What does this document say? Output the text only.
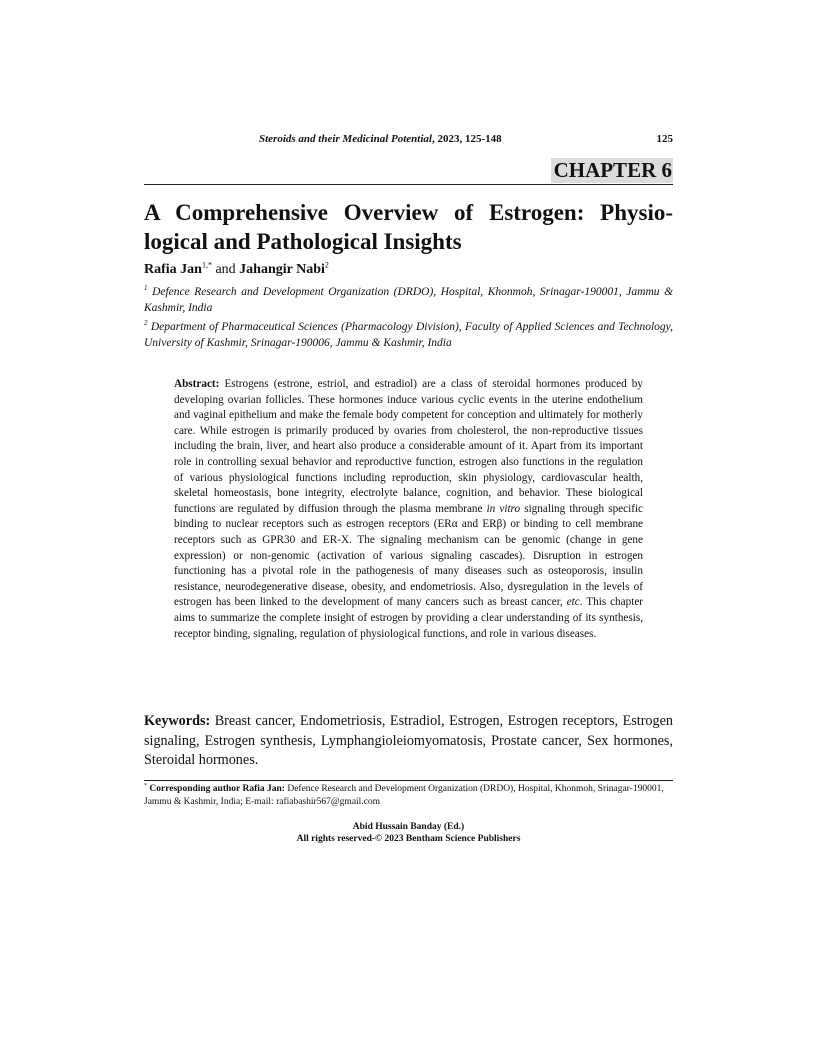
Steroids and their Medicinal Potential, 2023, 125-148	125
CHAPTER 6
A Comprehensive Overview of Estrogen: Physio-logical and Pathological Insights
Rafia Jan$^{1,*}$ and Jahangir Nabi$^2$
$^1$ Defence Research and Development Organization (DRDO), Hospital, Khonmoh, Srinagar-190001, Jammu & Kashmir, India
$^2$ Department of Pharmaceutical Sciences (Pharmacology Division), Faculty of Applied Sciences and Technology, University of Kashmir, Srinagar-190006, Jammu & Kashmir, India
Abstract: Estrogens (estrone, estriol, and estradiol) are a class of steroidal hormones produced by developing ovarian follicles. These hormones induce various cyclic events in the uterine endothelium and vaginal epithelium and make the female body competent for conception and ultimately for motherly care. While estrogen is primarily produced by ovaries from cholesterol, the non-reproductive tissues including the brain, liver, and heart also produce a considerable amount of it. Apart from its important role in controlling sexual behavior and reproductive function, estrogen also functions in the regulation of various physiological functions including reproduction, skin physiology, cardiovascular health, skeletal homeostasis, bone integrity, electrolyte balance, cognition, and behavior. These biological functions are regulated by diffusion through the plasma membrane in vitro signaling through specific binding to nuclear receptors such as estrogen receptors (ERα and ERβ) or binding to cell membrane receptors such as GPR30 and ER-X. The signaling mechanism can be genomic (change in gene expression) or non-genomic (activation of various signaling cascades). Disruption in estrogen functioning has a pivotal role in the pathogenesis of many diseases such as osteoporosis, insulin resistance, neurodegenerative disease, obesity, and endometriosis. Also, dysregulation in the levels of estrogen has been linked to the development of many cancers such as breast cancer, etc. This chapter aims to summarize the complete insight of estrogen by providing a clear understanding of its synthesis, receptor binding, signaling, regulation of physiological functions, and role in various diseases.
Keywords: Breast cancer, Endometriosis, Estradiol, Estrogen, Estrogen receptors, Estrogen signaling, Estrogen synthesis, Lymphangioleiomyomatosis, Prostate cancer, Sex hormones, Steroidal hormones.
* Corresponding author Rafia Jan: Defence Research and Development Organization (DRDO), Hospital, Khonmoh, Srinagar-190001, Jammu & Kashmir, India; E-mail: rafiabashir567@gmail.com
Abid Hussain Banday (Ed.)
All rights reserved-© 2023 Bentham Science Publishers
